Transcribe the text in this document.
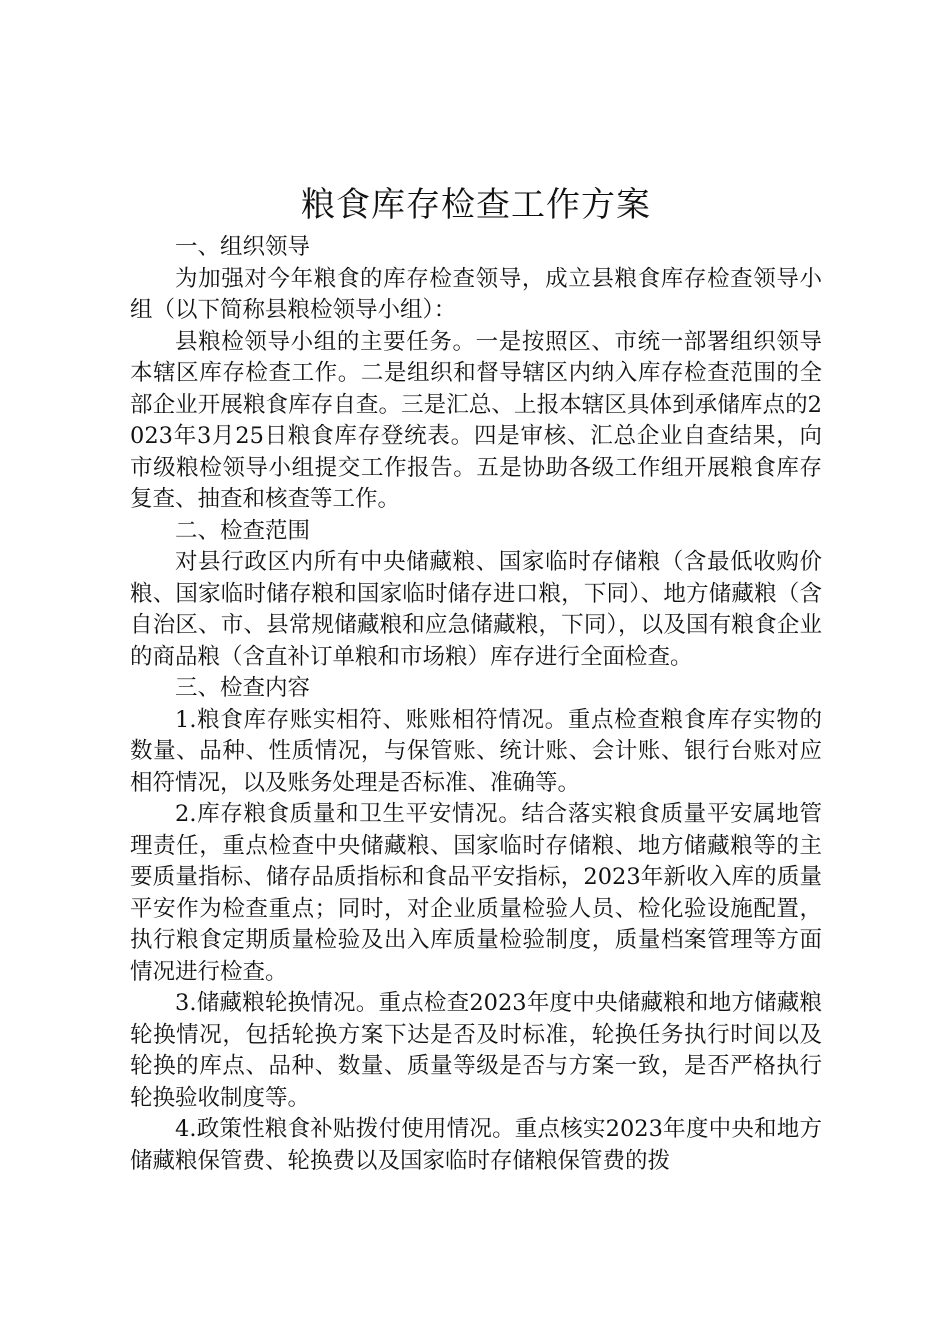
粮食库存检查工作方案

一、组织领导

为加强对今年粮食的库存检查领导，成立县粮食库存检查领导小组（以下简称县粮检领导小组）：

县粮检领导小组的主要任务。一是按照区、市统一部署组织领导本辖区库存检查工作。二是组织和督导辖区内纳入库存检查范围的全部企业开展粮食库存自查。三是汇总、上报本辖区具体到承储库点的2023年3月25日粮食库存登统表。四是审核、汇总企业自查结果，向市级粮检领导小组提交工作报告。五是协助各级工作组开展粮食库存复查、抽查和核查等工作。

二、检查范围

对县行政区内所有中央储藏粮、国家临时存储粮（含最低收购价粮、国家临时储存粮和国家临时储存进口粮，下同）、地方储藏粮（含自治区、市、县常规储藏粮和应急储藏粮，下同），以及国有粮食企业的商品粮（含直补订单粮和市场粮）库存进行全面检查。

三、检查内容

1.粮食库存账实相符、账账相符情况。重点检查粮食库存实物的数量、品种、性质情况，与保管账、统计账、会计账、银行台账对应相符情况，以及账务处理是否标准、准确等。

2.库存粮食质量和卫生平安情况。结合落实粮食质量平安属地管理责任，重点检查中央储藏粮、国家临时存储粮、地方储藏粮等的主要质量指标、储存品质指标和食品平安指标，2023年新收入库的质量平安作为检查重点；同时，对企业质量检验人员、检化验设施配置，执行粮食定期质量检验及出入库质量检验制度，质量档案管理等方面情况进行检查。

3.储藏粮轮换情况。重点检查2023年度中央储藏粮和地方储藏粮轮换情况，包括轮换方案下达是否及时标准，轮换任务执行时间以及轮换的库点、品种、数量、质量等级是否与方案一致，是否严格执行轮换验收制度等。

4.政策性粮食补贴拨付使用情况。重点核实2023年度中央和地方储藏粮保管费、轮换费以及国家临时存储粮保管费的拨
